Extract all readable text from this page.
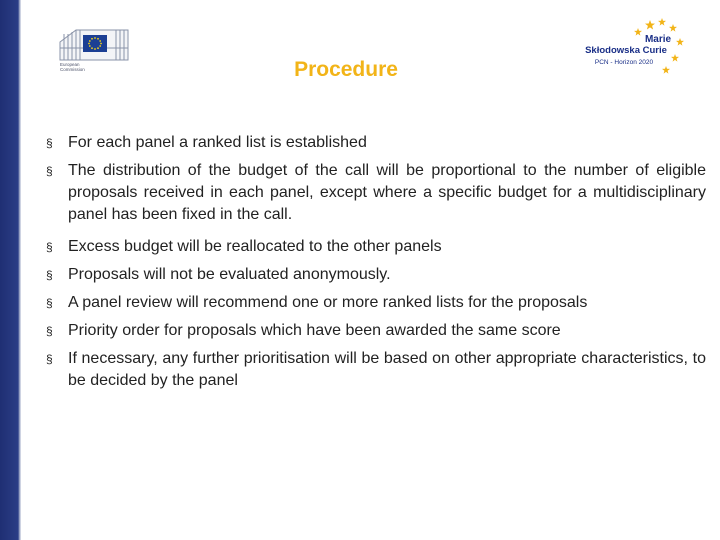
European
Commission
Marie
Skłodowska Curie
PCN - Horizon 2020
Procedure
§ For each panel a ranked list is established
§ The distribution of the budget of the call will be proportional to the number of eligible proposals received in each panel, except where a specific budget for a multidisciplinary panel has been fixed in the call.
§ Excess budget will be reallocated to the other panels
§ Proposals will not be evaluated anonymously.
§ A panel review will recommend one or more ranked lists for the proposals
§ Priority order for proposals which have been awarded the same score
§ If necessary, any further prioritisation will be based on other appropriate characteristics, to be decided by the panel
